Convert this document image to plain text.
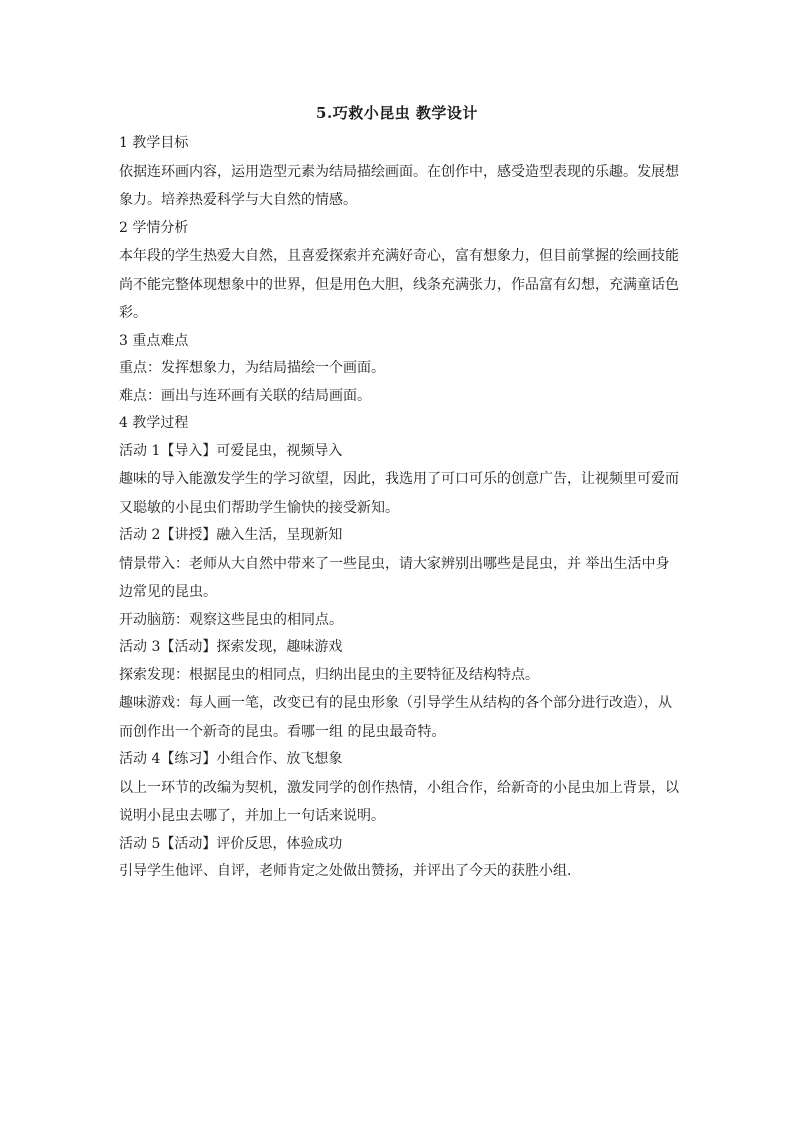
5.巧救小昆虫 教学设计
1 教学目标
依据连环画内容，运用造型元素为结局描绘画面。在创作中，感受造型表现的乐趣。发展想
象力。培养热爱科学与大自然的情感。
2 学情分析
本年段的学生热爱大自然，且喜爱探索并充满好奇心，富有想象力，但目前掌握的绘画技能
尚不能完整体现想象中的世界，但是用色大胆，线条充满张力，作品富有幻想，充满童话色
彩。
3 重点难点
重点：发挥想象力，为结局描绘一个画面。
难点：画出与连环画有关联的结局画面。
4 教学过程
活动 1【导入】可爱昆虫，视频导入
趣味的导入能激发学生的学习欲望，因此，我选用了可口可乐的创意广告，让视频里可爱而
又聪敏的小昆虫们帮助学生愉快的接受新知。
活动 2【讲授】融入生活，呈现新知
情景带入：老师从大自然中带来了一些昆虫，请大家辨别出哪些是昆虫，并 举出生活中身
边常见的昆虫。
开动脑筋：观察这些昆虫的相同点。
活动 3【活动】探索发现，趣味游戏
探索发现：根据昆虫的相同点，归纳出昆虫的主要特征及结构特点。
趣味游戏：每人画一笔，改变已有的昆虫形象（引导学生从结构的各个部分进行改造），从
而创作出一个新奇的昆虫。看哪一组 的昆虫最奇特。
活动 4【练习】小组合作、放飞想象
以上一环节的改编为契机，激发同学的创作热情，小组合作，给新奇的小昆虫加上背景，以
说明小昆虫去哪了，并加上一句话来说明。
活动 5【活动】评价反思，体验成功
引导学生他评、自评，老师肯定之处做出赞扬，并评出了今天的获胜小组.
